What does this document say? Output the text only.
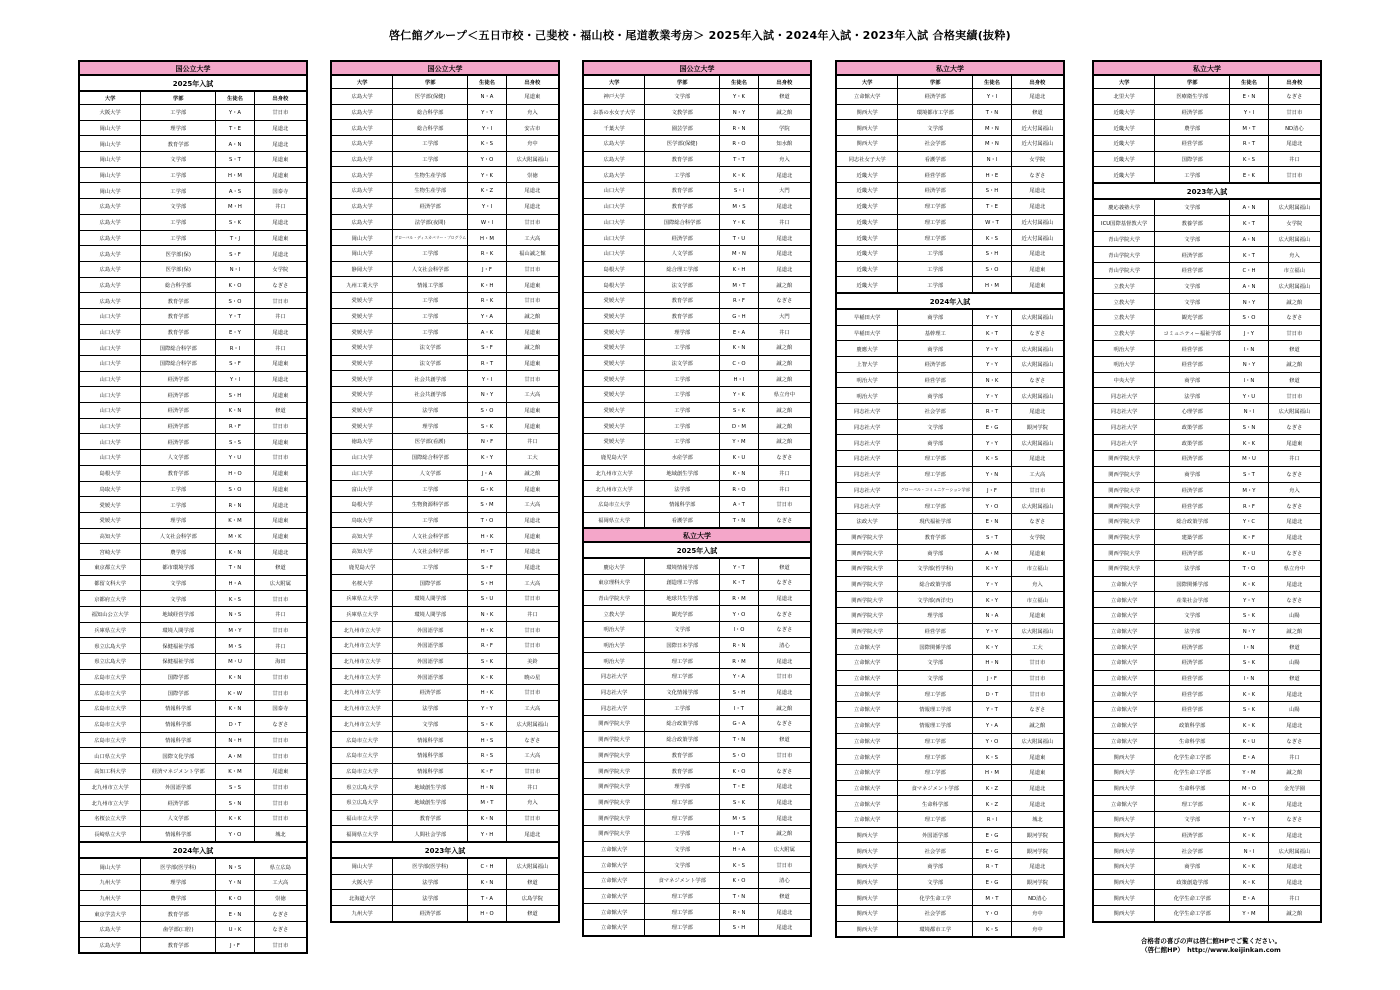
啓仁館グループ＜五日市校・己斐校・福山校・尾道教業考房＞ 2025年入試・2024年入試・2023年入試 合格実績(抜粋)
国公立大学
2025年入試
大学	学部	生徒名	出身校
大阪大学	工学部	Y・A	廿日市
岡山大学	理学部	T・E	尾道北
岡山大学	教育学部	A・N	尾道北
岡山大学	文学部	S・T	尾道東
岡山大学	工学部	H・M	尾道東
岡山大学	工学部	A・S	国泰寺
広島大学	文学部	M・H	井口
広島大学	工学部	S・K	尾道北
広島大学	工学部	T・J	尾道東
広島大学	医学部(保)	S・F	尾道北
広島大学	医学部(保)	N・I	女学院
広島大学	総合科学部	K・O	なぎさ
広島大学	教育学部	S・O	廿日市
山口大学	教育学部	Y・T	井口
山口大学	教育学部	E・Y	尾道北
山口大学	国際総合科学部	R・I	井口
山口大学	国際総合科学部	S・F	尾道東
山口大学	経済学部	Y・I	尾道北
山口大学	経済学部	S・H	尾道東
山口大学	経済学部	K・N	修道
山口大学	経済学部	R・F	廿日市
山口大学	経済学部	S・S	尾道東
山口大学	人文学部	Y・U	廿日市
島根大学	教育学部	H・O	尾道東
鳥取大学	工学部	S・O	尾道東
愛媛大学	工学部	R・N	尾道北
愛媛大学	理学部	K・M	尾道東
高知大学	人文社会科学部	M・K	尾道東
宮崎大学	農学部	K・N	尾道北
東京都立大学	都市環境学部	T・N	修道
都留文科大学	文学部	H・A	広大附属
京都府立大学	文学部	K・S	廿日市
福知山公立大学	地域経営学部	N・S	井口
兵庫県立大学	環境人間学部	M・Y	廿日市
県立広島大学	保健福祉学部	M・S	井口
県立広島大学	保健福祉学部	M・U	海田
広島市立大学	国際学部	K・N	廿日市
広島市立大学	国際学部	K・W	廿日市
広島市立大学	情報科学部	K・N	国泰寺
広島市立大学	情報科学部	D・T	なぎさ
広島市立大学	情報科学部	N・H	廿日市
山口県立大学	国際文化学部	A・M	廿日市
高知工科大学	経済マネジメント学部	K・M	尾道東
北九州市立大学	外国語学部	S・S	廿日市
北九州市立大学	経済学部	S・N	廿日市
名桜公立大学	人文学部	K・K	廿日市
長崎県立大学	情報科学部	Y・O	城北
2024年入試
岡山大学	医学部(医学科)	N・S	県立広島
九州大学	理学部	Y・N	工大高
九州大学	農学部	K・O	崇徳
東京学芸大学	教育学部	E・N	なぎさ
広島大学	歯学部(口腔)	U・K	なぎさ
広島大学	教育学部	J・F	廿日市
国公立大学
大学	学部	生徒名	出身校
広島大学	医学部(保健)	N・A	尾道東
広島大学	総合科学部	Y・Y	舟入
広島大学	総合科学部	Y・I	安古市
広島大学	工学部	K・S	舟中
広島大学	工学部	Y・O	広大附属福山
広島大学	生物生産学部	Y・K	崇徳
広島大学	生物生産学部	K・Z	尾道北
広島大学	経済学部	Y・I	尾道北
広島大学	法学部(夜間)	W・I	廿日市
岡山大学	グローバル・ディスカバリー・プログラム	H・M	工大高
岡山大学	工学部	R・K	福山誠之館
静岡大学	人文社会科学部	J・F	廿日市
九州工業大学	情報工学部	K・H	尾道東
愛媛大学	工学部	R・K	廿日市
愛媛大学	工学部	Y・A	誠之館
愛媛大学	工学部	A・K	尾道東
愛媛大学	法文学部	S・F	誠之館
愛媛大学	法文学部	R・T	尾道東
愛媛大学	社会共創学部	Y・I	廿日市
愛媛大学	社会共創学部	N・Y	工大高
愛媛大学	法学部	S・O	尾道東
愛媛大学	理学部	S・K	尾道東
徳島大学	医学部(看護)	N・F	井口
山口大学	国際総合科学部	K・Y	工大
山口大学	人文学部	J・A	誠之館
富山大学	工学部	G・K	尾道東
島根大学	生物資源科学部	S・M	工大高
鳥取大学	工学部	T・O	尾道北
高知大学	人文社会科学部	H・K	尾道東
高知大学	人文社会科学部	H・T	尾道北
鹿児島大学	工学部	S・F	尾道北
名桜大学	国際学部	S・H	工大高
兵庫県立大学	環境人間学部	S・U	廿日市
兵庫県立大学	環境人間学部	N・K	井口
北九州市立大学	外国語学部	H・K	廿日市
北九州市立大学	外国語学部	R・F	廿日市
北九州市立大学	外国語学部	S・K	美鈴
北九州市立大学	外国語学部	K・K	暁の星
北九州市立大学	経済学部	H・K	廿日市
北九州市立大学	法学部	Y・Y	工大高
北九州市立大学	文学部	S・K	広大附属福山
広島市立大学	情報科学部	H・S	なぎさ
広島市立大学	情報科学部	R・S	工大高
広島市立大学	情報科学部	K・F	廿日市
県立広島大学	地域創生学部	H・N	井口
県立広島大学	地域創生学部	M・T	舟入
福山市立大学	教育学部	K・N	廿日市
福岡県立大学	人間社会学部	Y・H	尾道北
2023年入試
岡山大学	医学部(医学科)	C・H	広大附属福山
大阪大学	法学部	K・N	修道
北海道大学	法学部	T・A	広島学院
九州大学	経済学部	H・O	修道
国公立大学
大学	学部	生徒名	出身校
神戸大学	文学部	Y・K	修道
お茶の水女子大学	文教学部	N・Y	誠之館
千葉大学	園芸学部	R・N	学院
広島大学	医学部(保健)	R・O	知水館
広島大学	教育学部	T・T	舟入
広島大学	工学部	K・K	尾道北
山口大学	教育学部	S・I	大門
山口大学	教育学部	M・S	尾道北
山口大学	国際総合科学部	Y・K	井口
山口大学	経済学部	T・U	尾道北
山口大学	人文学部	M・N	尾道北
島根大学	総合理工学部	K・H	尾道北
島根大学	法文学部	M・T	誠之館
愛媛大学	教育学部	R・F	なぎさ
愛媛大学	教育学部	G・H	大門
愛媛大学	理学部	E・A	井口
愛媛大学	工学部	K・N	誠之館
愛媛大学	法文学部	C・O	誠之館
愛媛大学	工学部	H・I	誠之館
愛媛大学	工学部	Y・K	県立舟中
愛媛大学	工学部	S・K	誠之館
愛媛大学	工学部	D・M	誠之館
愛媛大学	工学部	Y・M	誠之館
鹿児島大学	水産学部	K・U	なぎさ
北九州市立大学	地域創生学部	K・N	井口
北九州市立大学	法学部	R・O	井口
広島市立大学	情報科学部	A・T	廿日市
福岡県立大学	看護学部	T・N	なぎさ
私立大学
2025年入試
慶応大学	環境情報学部	Y・T	修道
東京理科大学	創造理工学部	K・T	なぎさ
青山学院大学	地球共生学部	R・M	尾道北
立教大学	観光学部	Y・O	なぎさ
明治大学	文学部	I・O	なぎさ
明治大学	国際日本学部	R・N	清心
明治大学	理工学部	R・M	尾道北
同志社大学	理工学部	Y・A	廿日市
同志社大学	文化情報学部	S・H	尾道北
同志社大学	工学部	I・T	誠之館
関西学院大学	総合政策学部	G・A	なぎさ
関西学院大学	総合政策学部	T・N	修道
関西学院大学	教育学部	S・O	廿日市
関西学院大学	教育学部	K・O	なぎさ
関西学院大学	理学部	T・E	尾道北
関西学院大学	理工学部	S・K	尾道北
関西学院大学	理工学部	M・S	尾道北
関西学院大学	工学部	I・T	誠之館
立命館大学	文学部	H・A	広大附属
立命館大学	文学部	K・S	廿日市
立命館大学	食マネジメント学部	K・O	清心
立命館大学	理工学部	T・N	修道
立命館大学	理工学部	R・N	尾道北
立命館大学	理工学部	S・H	尾道北
私立大学
大学	学部	生徒名	出身校
立命館大学	経済学部	Y・I	尾道北
関西大学	環境都市工学部	T・N	修道
関西大学	文学部	M・N	近大付属福山
関西大学	社会学部	M・N	近大付属福山
同志社女子大学	看護学部	N・I	女学院
近畿大学	経営学部	H・E	なぎさ
近畿大学	経済学部	S・H	尾道北
近畿大学	理工学部	T・E	尾道北
近畿大学	理工学部	W・T	近大付属福山
近畿大学	理工学部	K・S	近大付属福山
近畿大学	工学部	S・H	尾道北
近畿大学	工学部	S・O	尾道東
近畿大学	工学部	H・M	尾道東
2024年入試
早稲田大学	商学部	Y・Y	広大附属福山
早稲田大学	基幹理工	K・T	なぎさ
慶應大学	商学部	Y・Y	広大附属福山
上智大学	経済学部	Y・Y	広大附属福山
明治大学	経営学部	N・K	なぎさ
明治大学	商学部	Y・Y	広大附属福山
同志社大学	社会学部	R・T	尾道北
同志社大学	文学部	E・G	銀河学院
同志社大学	商学部	Y・Y	広大附属福山
同志社大学	理工学部	K・S	尾道北
同志社大学	理工学部	Y・N	工大高
同志社大学	グローバル・コミュニケーション学部	J・F	廿日市
同志社大学	理工学部	Y・O	広大附属福山
法政大学	現代福祉学部	E・N	なぎさ
関西学院大学	教育学部	S・T	女学院
関西学院大学	商学部	A・M	尾道東
関西学院大学	文学部(哲学科)	K・Y	市立福山
関西学院大学	総合政策学部	Y・Y	舟入
関西学院大学	文学部(西洋史)	K・Y	市立福山
関西学院大学	理学部	N・A	尾道東
関西学院大学	経営学部	Y・Y	広大附属福山
立命館大学	国際関係学部	K・Y	工大
立命館大学	文学部	H・N	廿日市
立命館大学	文学部	J・F	廿日市
立命館大学	理工学部	D・T	廿日市
立命館大学	情報理工学部	Y・T	なぎさ
立命館大学	情報理工学部	Y・A	誠之館
立命館大学	理工学部	Y・O	広大附属福山
立命館大学	理工学部	K・S	尾道東
立命館大学	理工学部	H・M	尾道東
立命館大学	食マネジメント学部	K・Z	尾道北
立命館大学	生命科学部	K・Z	尾道北
立命館大学	理工学部	R・I	城北
関西大学	外国語学部	E・G	銀河学院
関西大学	社会学部	E・G	銀河学院
関西大学	商学部	R・T	尾道北
関西大学	文学部	E・G	銀河学院
関西大学	化学生命工学	M・T	ND清心
関西大学	社会学部	Y・O	舟中
関西大学	環境都市工学	K・S	舟中
私立大学
大学	学部	生徒名	出身校
北里大学	医療衛生学部	E・N	なぎさ
近畿大学	経済学部	Y・I	廿日市
近畿大学	農学部	M・T	ND清心
近畿大学	経営学部	R・T	尾道北
近畿大学	国際学部	K・S	井口
近畿大学	工学部	E・K	廿日市
2023年入試
慶応義塾大学	文学部	A・N	広大附属福山
ICU国際基督教大学	教養学部	K・T	女学院
青山学院大学	文学部	A・N	広大附属福山
青山学院大学	経済学部	K・T	舟入
青山学院大学	経営学部	C・H	市立福山
立教大学	文学部	A・N	広大附属福山
立教大学	文学部	N・Y	誠之館
立教大学	観光学部	S・O	なぎさ
立教大学	コミュニティー福祉学部	J・Y	廿日市
明治大学	経営学部	I・N	修道
明治大学	経営学部	N・Y	誠之館
中央大学	商学部	I・N	修道
同志社大学	法学部	Y・U	廿日市
同志社大学	心理学部	N・I	広大附属福山
同志社大学	政策学部	S・N	なぎさ
同志社大学	政策学部	K・K	尾道東
関西学院大学	経済学部	M・U	井口
関西学院大学	商学部	S・T	なぎさ
関西学院大学	経済学部	M・Y	舟入
関西学院大学	経営学部	R・F	なぎさ
関西学院大学	総合政策学部	Y・C	尾道北
関西学院大学	建築学部	K・F	尾道北
関西学院大学	経済学部	K・U	なぎさ
関西学院大学	法学部	T・O	県立舟中
立命館大学	国際関係学部	K・K	尾道北
立命館大学	産業社会学部	Y・Y	なぎさ
立命館大学	文学部	S・K	山陽
立命館大学	法学部	N・Y	誠之館
立命館大学	経済学部	I・N	修道
立命館大学	経済学部	S・K	山陽
立命館大学	経営学部	I・N	修道
立命館大学	経営学部	K・K	尾道北
立命館大学	経営学部	S・K	山陽
立命館大学	政策科学部	K・K	尾道北
立命館大学	生命科学部	K・U	なぎさ
関西大学	化学生命工学部	E・A	井口
関西大学	化学生命工学部	Y・M	誠之館
関西大学	生命科学部	M・O	金光学園
立命館大学	理工学部	K・K	尾道北
関西大学	文学部	Y・Y	なぎさ
関西大学	経済学部	K・K	尾道北
関西大学	社会学部	N・I	広大附属福山
関西大学	商学部	K・K	尾道北
関西大学	政策創造学部	K・K	尾道北
関西大学	化学生命工学部	E・A	井口
関西大学	化学生命工学部	Y・M	誠之館
合格者の喜びの声は啓仁館HPでご覧ください。
（啓仁館HP）　http://www.keijinkan.com
